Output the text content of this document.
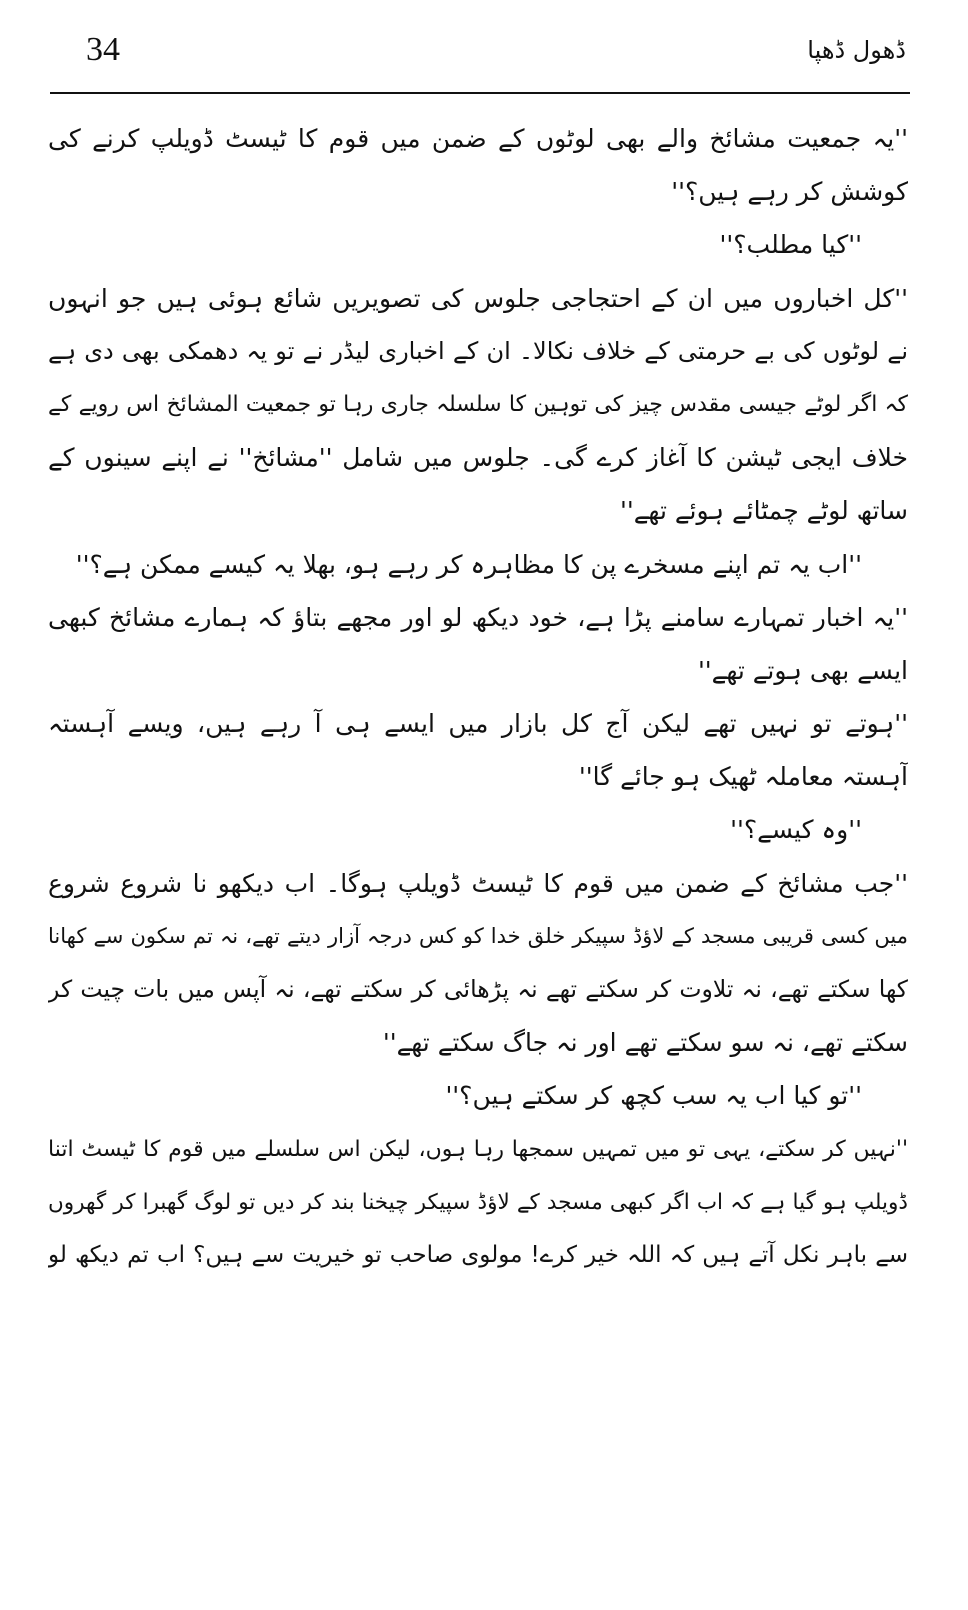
34	ڈھول ڈھپا
''یہ جمعیت مشائخ والے بھی لوٹوں کے ضمن میں قوم کا ٹیسٹ ڈویلپ کرنے کی
کوشش کر رہے ہیں؟''
''کیا مطلب؟''
''کل اخباروں میں ان کے احتجاجی جلوس کی تصویریں شائع ہوئی ہیں جو انہوں
نے لوٹوں کی بے حرمتی کے خلاف نکالا۔ ان کے اخباری لیڈر نے تو یہ دھمکی بھی دی ہے
کہ اگر لوٹے جیسی مقدس چیز کی توہین کا سلسلہ جاری رہا تو جمعیت المشائخ اس رویے کے
خلاف ایجی ٹیشن کا آغاز کرے گی۔ جلوس میں شامل ''مشائخ'' نے اپنے سینوں کے
ساتھ لوٹے چمٹائے ہوئے تھے''
''اب یہ تم اپنے مسخرے پن کا مظاہرہ کر رہے ہو، بھلا یہ کیسے ممکن ہے؟''
''یہ اخبار تمہارے سامنے پڑا ہے، خود دیکھ لو اور مجھے بتاؤ کہ ہمارے مشائخ کبھی
ایسے بھی ہوتے تھے''
''ہوتے تو نہیں تھے لیکن آج کل بازار میں ایسے ہی آ رہے ہیں، ویسے آہستہ
آہستہ معاملہ ٹھیک ہو جائے گا''
''وہ کیسے؟''
''جب مشائخ کے ضمن میں قوم کا ٹیسٹ ڈویلپ ہوگا۔ اب دیکھو نا شروع شروع
میں کسی قریبی مسجد کے لاؤڈ سپیکر خلق خدا کو کس درجہ آزار دیتے تھے، نہ تم سکون سے کھانا
کھا سکتے تھے، نہ تلاوت کر سکتے تھے نہ پڑھائی کر سکتے تھے، نہ آپس میں بات چیت کر
سکتے تھے، نہ سو سکتے تھے اور نہ جاگ سکتے تھے''
''تو کیا اب یہ سب کچھ کر سکتے ہیں؟''
''نہیں کر سکتے، یہی تو میں تمہیں سمجھا رہا ہوں، لیکن اس سلسلے میں قوم کا ٹیسٹ اتنا
ڈویلپ ہو گیا ہے کہ اب اگر کبھی مسجد کے لاؤڈ سپیکر چیخنا بند کر دیں تو لوگ گھبرا کر گھروں
سے باہر نکل آتے ہیں کہ اللہ خیر کرے! مولوی صاحب تو خیریت سے ہیں؟ اب تم دیکھ لو
